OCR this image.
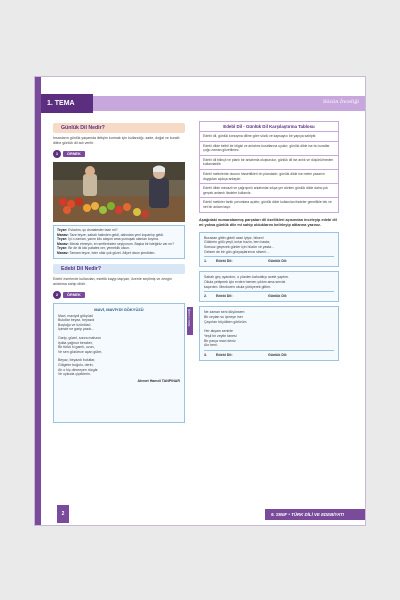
1. TEMA	Sözün İnceliği
Günlük Dil Nedir?

İnsanların günlük yaşamda iletişim kurmak için kullandığı, sade, doğal ve kurallı diline günlük dil adı verilir.

1	ÖRNEK
Teyze: Evladım, şu domatesler taze mi?
Manav: Taze teyze, sabah halinden geldi, dalından yeni koparılıp geldi.
Teyze: İyi o zaman, yarım kilo alayım ama yumuşak olanları koyma.
Manav: Merak etmeyin, en sertlerinden seçiyorum. Başka bir isteğiniz var mı?
Teyze: Bir de iki kilo patates ver, yemeklik olsun.
Manav: Tamam teyze, ister ufak çok güzel. Afiyet olsun şimdiden.
Edebî Dil Nedir?

Edebî eserlerde kullanılan, estetik kaygı taşıyan, özenle seçilmiş ve zengin anlatıma sahip dildir.

2	ÖRNEK
MAVİ, MAVİYDİ GÖKYÜZÜ
Mavi, maviydi gökyüzü
Bulutlar beyaz, beyazdı
Boşluğu ve üzüntüsü
İçimde ne garip yazdı...
Garip, güzel, sonra mahzun
Işıkta yağmur beraber,
Bir türkü ki gamlı, uzun,
Ve sen gözümce açan güler,
Beyaz, beyazdı bulutlar,
Gölgeler buğulu, derin;
Ah o hiç dinmeyen rüzgâr
Ve uykuda çiçeklerin.
Ahmet Hamdi TANPINAR
Sözün İnceliği
Edebî Dil - Günlük Dil Karşılaştırma Tablosu
Edebî dil, günlük konuşma diline göre sözlü ve kapsayıcı bir yapıya sahiptir.
Edebî dilde belirli bir bilgisi ve anlatımı kurallarına uyulur; günlük dilde ise bu kurallar çoğu zaman gözetilmez.
Edebî dil bilinçli ve planlı bir anlatımla oluşturulur, günlük dil ise anlık ve düşünülmeden kullanılabilir.
Edebî metinlerde okurun hissettikleri ön plandadır; günlük dilde ise metni yazanın duyguları açıkça anlaşılır.
Edebî dilde mecazlı ve çağrışımlı anlatımlar sıkça yer alırken günlük dilde daha çok gerçek anlamlı ifadeler kullanılır.
Edebî metinler farklı yorumlara açıktır; günlük dilde kullanılan ifadeler genellikle tek ve net bir anlam taşır.
Aşağıdaki numaralanmış parçaları dil özellikleri açısından inceleyip edebî dil mi yoksa günlük dile mi sahip olduklarını belirleyip altlarına yazınız.
Buradan gittin gideli nasıl iyiyiz, bilsen!
Göklerin gölü yeşil, kırlar hazin, ben hasta;
Sonsuz geçecek günler için hüzün ve yasta...
Gelsen de bir gün gözyaşlarımızı silsen!...
1.	Edebî Dil:	Günlük Dil:
Sabah geç uyandım, o yüzden kahvaltıyı acele yaptım.
Okula yetişmek için evden hemen çıktım ama servisi
kaçırdım. Mecburen okula yürüyerek gittim.
2.	Edebî Dil:	Günlük Dil:
Ne zaman seni düşünsem
Bir ceylan su içmeye iner
Çayırları büyükten görürüm.
Her akşam seninle
Yeşil bir zeytin tanesi
Bir parça mavi deniz
Alır beni.
3.	Edebî Dil:	Günlük Dil:
2	9. SINIF • TÜRK DİLİ VE EDEBİYATI
